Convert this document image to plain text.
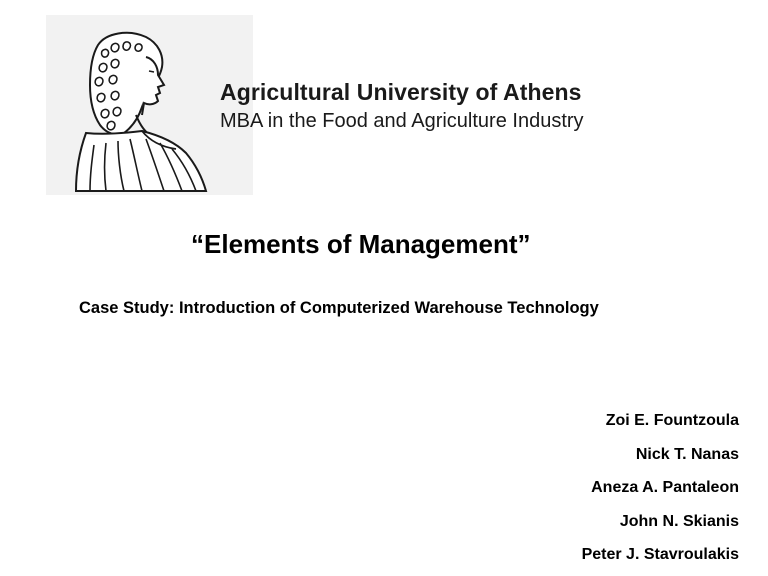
Agricultural University of Athens
MBA in the Food and Agriculture Industry
“Elements of Management”
Case Study: Introduction of Computerized Warehouse Technology
Zoi E. Fountzoula
Nick T. Nanas
Aneza A. Pantaleon
John N. Skianis
Peter J. Stavroulakis
